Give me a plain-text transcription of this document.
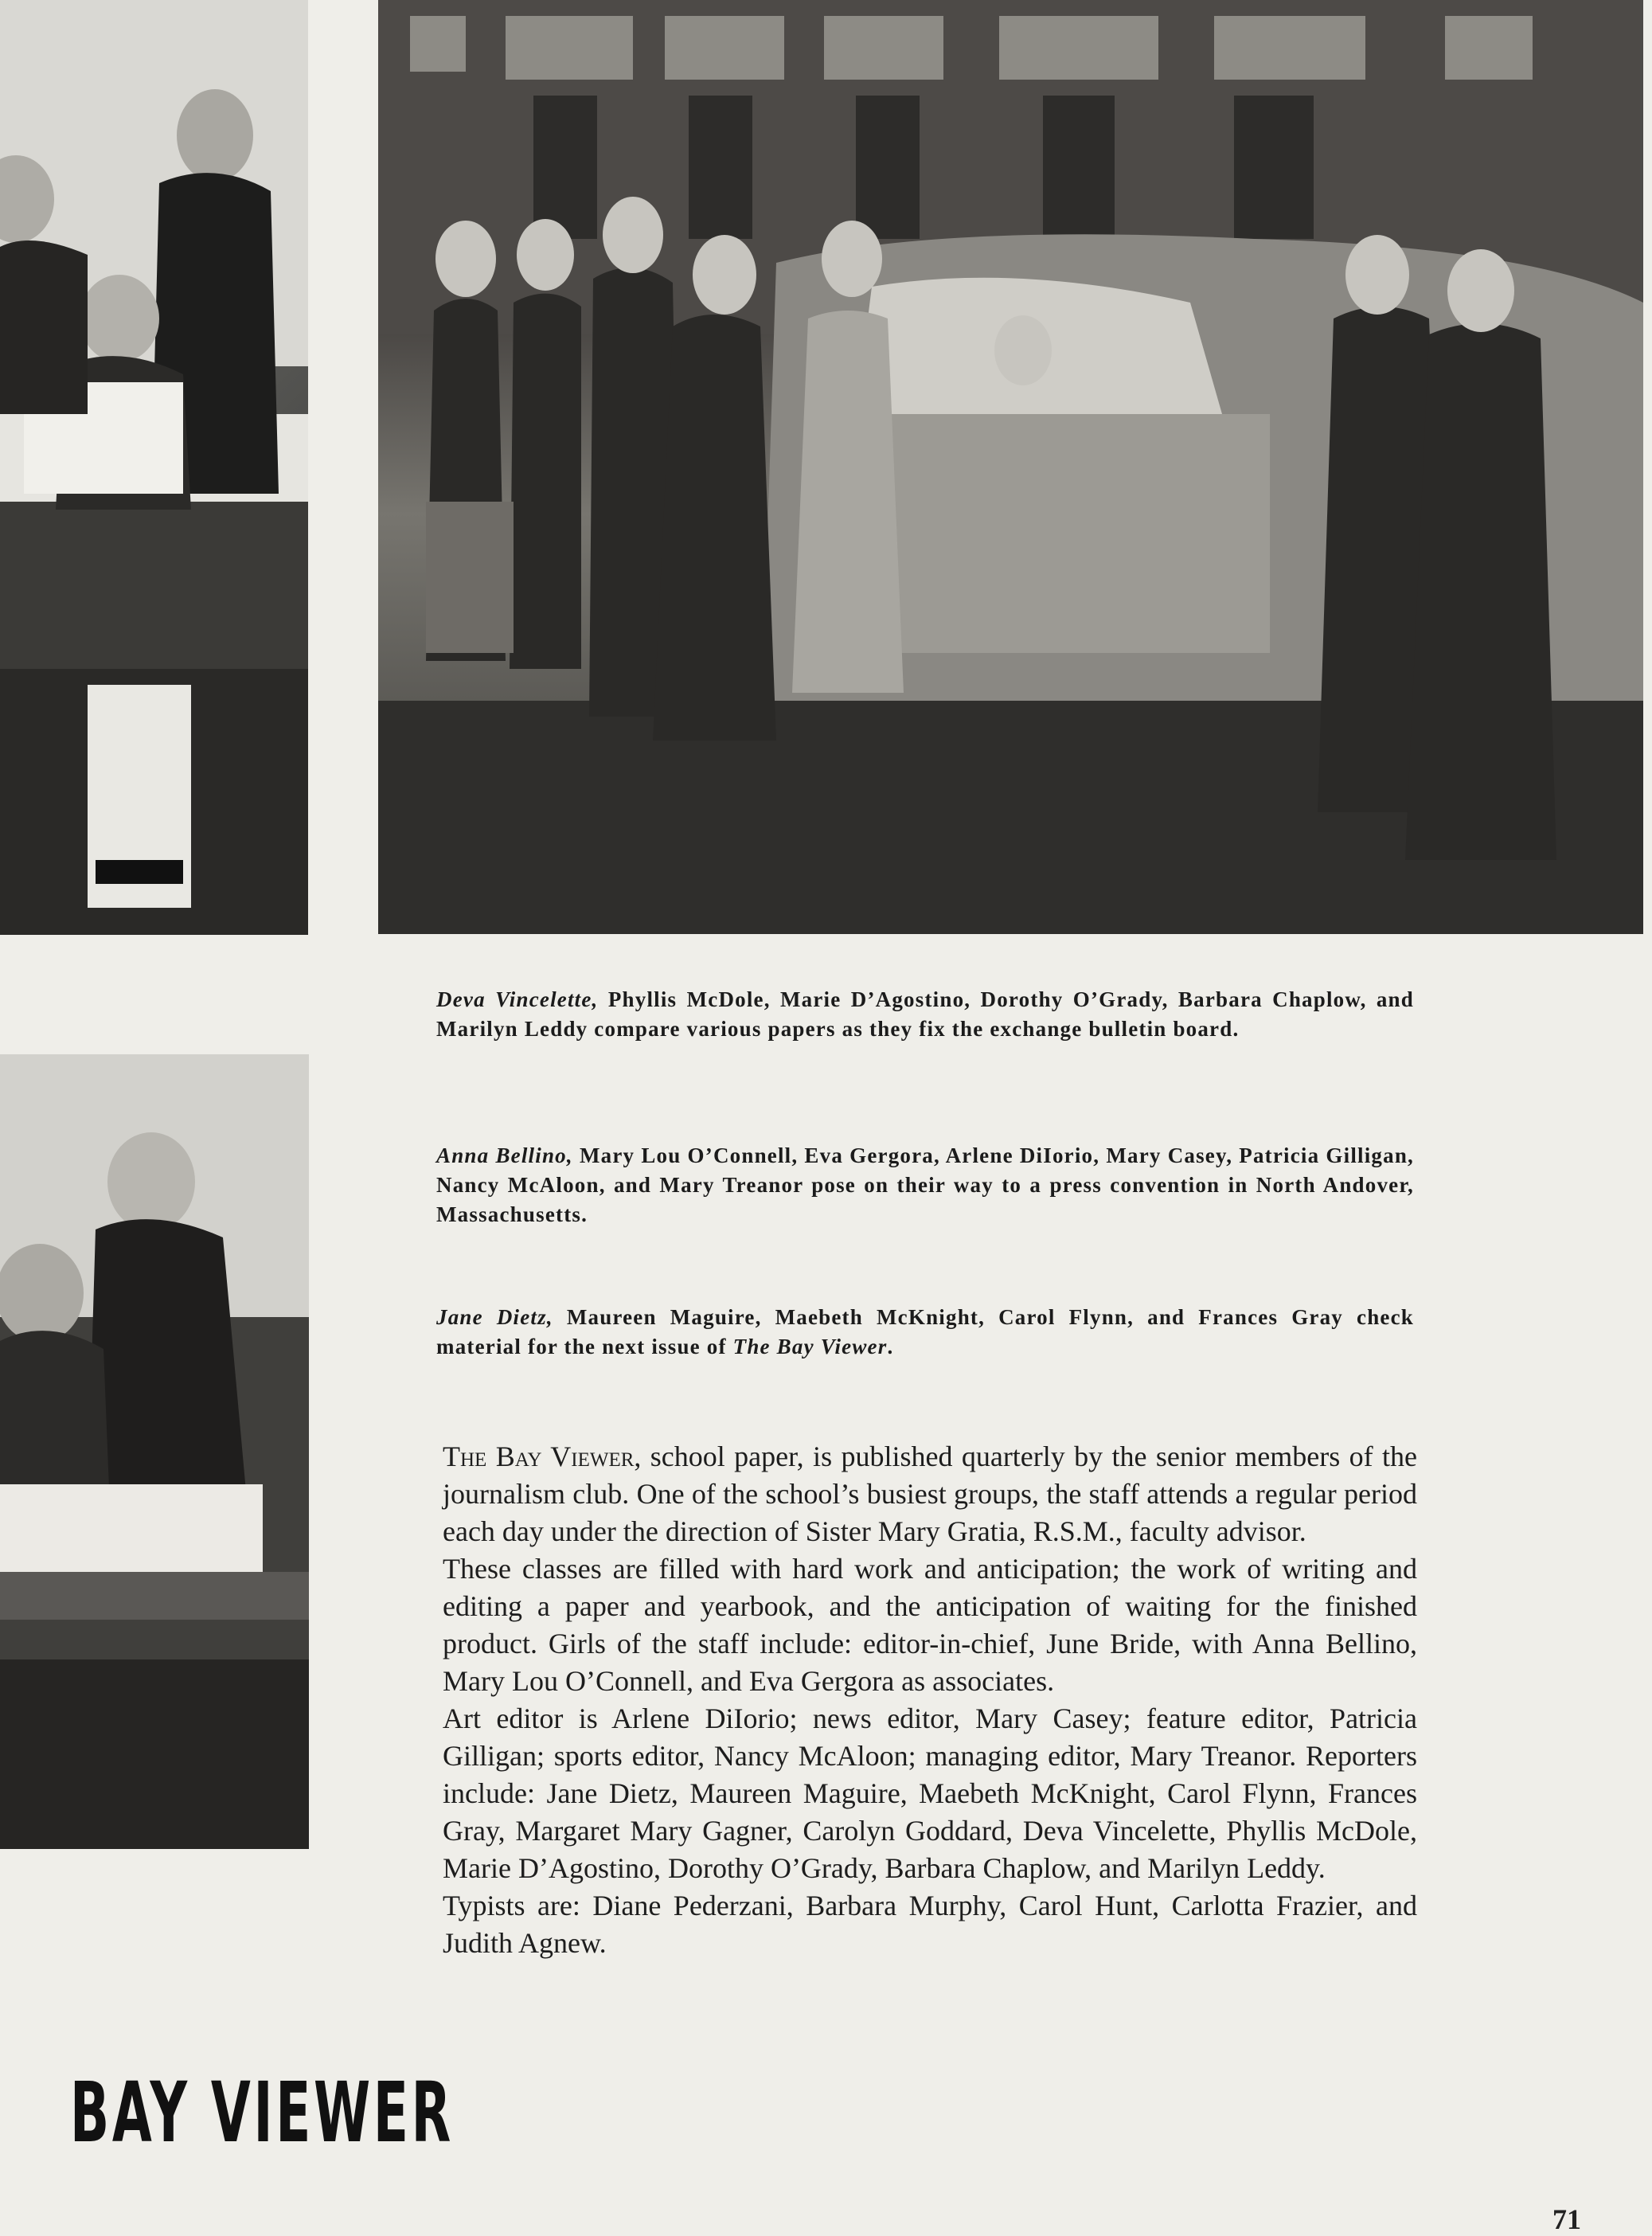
Deva Vincelette, Phyllis McDole, Marie D’Agostino, Dorothy O’Grady, Barbara Chaplow, and Marilyn Leddy compare various papers as they fix the exchange bulletin board.
Anna Bellino, Mary Lou O’Connell, Eva Gergora, Arlene DiIorio, Mary Casey, Patricia Gilligan, Nancy McAloon, and Mary Treanor pose on their way to a press convention in North Andover, Massachusetts.
Jane Dietz, Maureen Maguire, Maebeth McKnight, Carol Flynn, and Frances Gray check material for the next issue of The Bay Viewer.

The Bay Viewer, school paper, is published quarterly by the senior members of the journalism club. One of the school’s busiest groups, the staff attends a regular period each day under the direction of Sister Mary Gratia, R.S.M., faculty advisor.

These classes are filled with hard work and anticipation; the work of writing and editing a paper and yearbook, and the anticipation of waiting for the finished product. Girls of the staff include: editor-in-chief, June Bride, with Anna Bellino, Mary Lou O’Connell, and Eva Gergora as associates.

Art editor is Arlene DiIorio; news editor, Mary Casey; feature editor, Patricia Gilligan; sports editor, Nancy McAloon; managing editor, Mary Treanor. Reporters include: Jane Dietz, Maureen Maguire, Maebeth McKnight, Carol Flynn, Frances Gray, Margaret Mary Gagner, Carolyn Goddard, Deva Vincelette, Phyllis McDole, Marie D’Agostino, Dorothy O’Grady, Barbara Chaplow, and Marilyn Leddy.

Typists are: Diane Pederzani, Barbara Murphy, Carol Hunt, Carlotta Frazier, and Judith Agnew.

BAY VIEWER
71
